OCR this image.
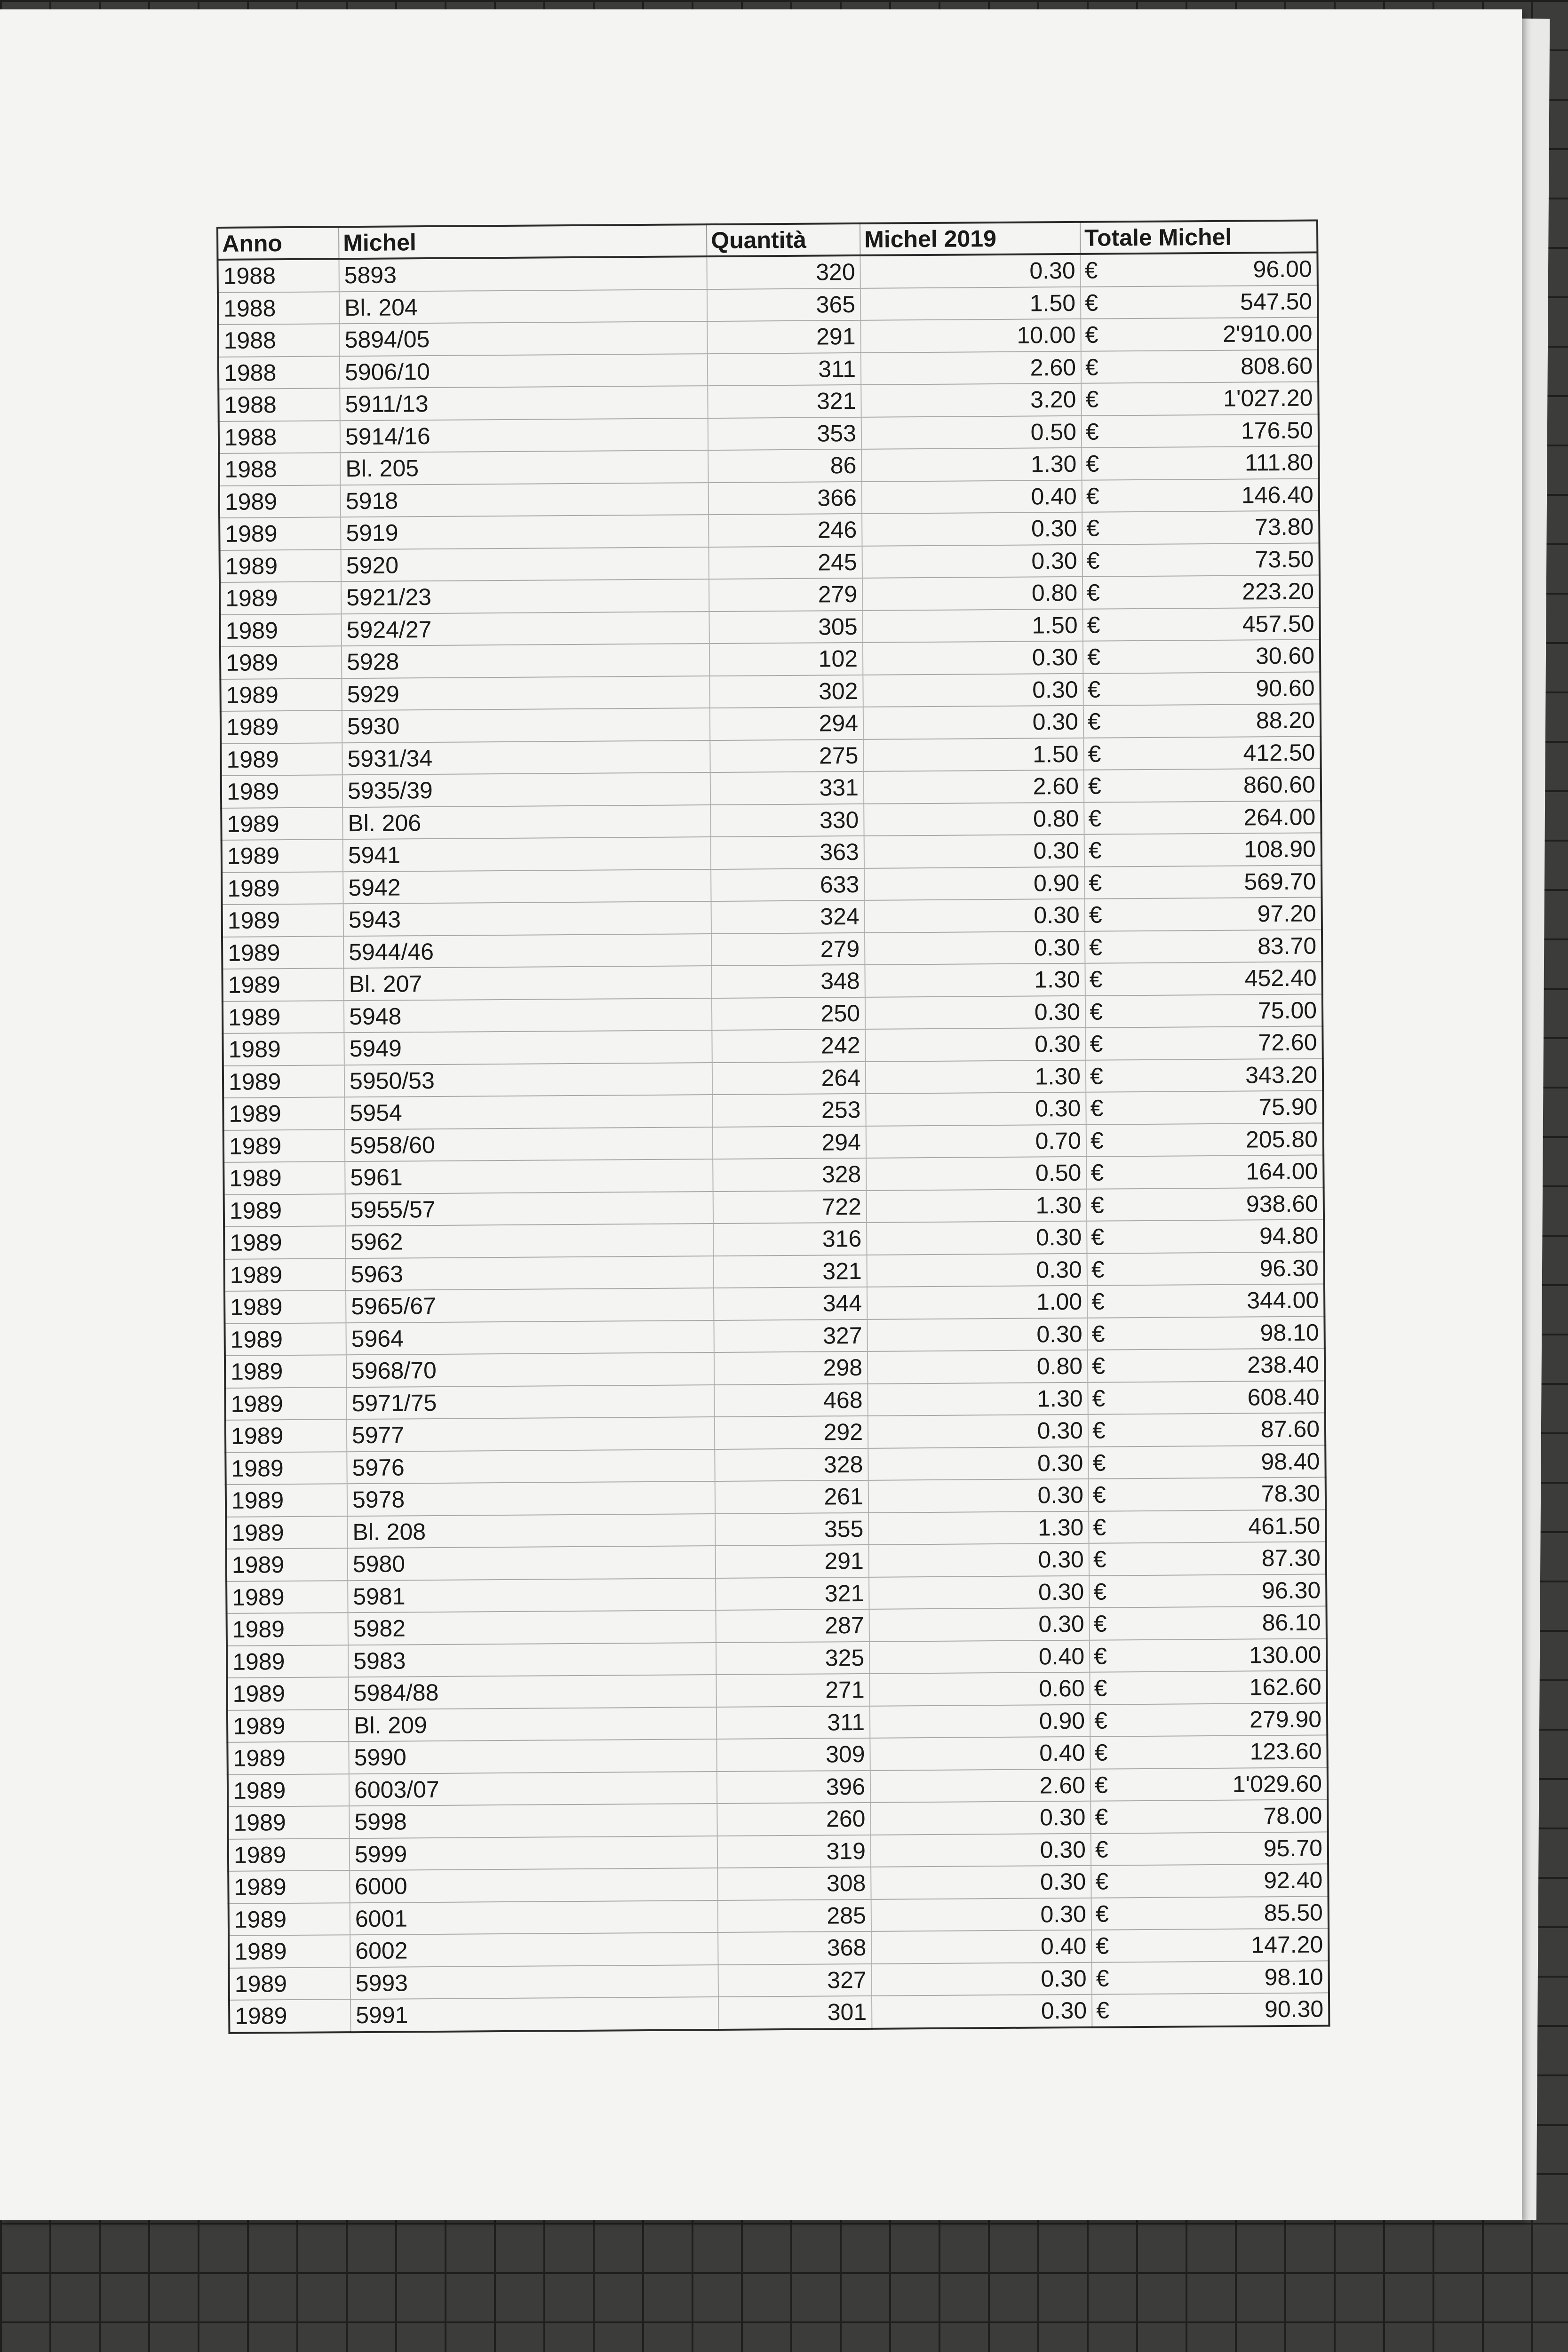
Anno	Michel	Quantità	Michel 2019	Totale Michel	
1988	5893	320	0.30	€	96.00
1988	Bl. 204	365	1.50	€	547.50
1988	5894/05	291	10.00	€	2'910.00
1988	5906/10	311	2.60	€	808.60
1988	5911/13	321	3.20	€	1'027.20
1988	5914/16	353	0.50	€	176.50
1988	Bl. 205	86	1.30	€	111.80
1989	5918	366	0.40	€	146.40
1989	5919	246	0.30	€	73.80
1989	5920	245	0.30	€	73.50
1989	5921/23	279	0.80	€	223.20
1989	5924/27	305	1.50	€	457.50
1989	5928	102	0.30	€	30.60
1989	5929	302	0.30	€	90.60
1989	5930	294	0.30	€	88.20
1989	5931/34	275	1.50	€	412.50
1989	5935/39	331	2.60	€	860.60
1989	Bl. 206	330	0.80	€	264.00
1989	5941	363	0.30	€	108.90
1989	5942	633	0.90	€	569.70
1989	5943	324	0.30	€	97.20
1989	5944/46	279	0.30	€	83.70
1989	Bl. 207	348	1.30	€	452.40
1989	5948	250	0.30	€	75.00
1989	5949	242	0.30	€	72.60
1989	5950/53	264	1.30	€	343.20
1989	5954	253	0.30	€	75.90
1989	5958/60	294	0.70	€	205.80
1989	5961	328	0.50	€	164.00
1989	5955/57	722	1.30	€	938.60
1989	5962	316	0.30	€	94.80
1989	5963	321	0.30	€	96.30
1989	5965/67	344	1.00	€	344.00
1989	5964	327	0.30	€	98.10
1989	5968/70	298	0.80	€	238.40
1989	5971/75	468	1.30	€	608.40
1989	5977	292	0.30	€	87.60
1989	5976	328	0.30	€	98.40
1989	5978	261	0.30	€	78.30
1989	Bl. 208	355	1.30	€	461.50
1989	5980	291	0.30	€	87.30
1989	5981	321	0.30	€	96.30
1989	5982	287	0.30	€	86.10
1989	5983	325	0.40	€	130.00
1989	5984/88	271	0.60	€	162.60
1989	Bl. 209	311	0.90	€	279.90
1989	5990	309	0.40	€	123.60
1989	6003/07	396	2.60	€	1'029.60
1989	5998	260	0.30	€	78.00
1989	5999	319	0.30	€	95.70
1989	6000	308	0.30	€	92.40
1989	6001	285	0.30	€	85.50
1989	6002	368	0.40	€	147.20
1989	5993	327	0.30	€	98.10
1989	5991	301	0.30	€	90.30
